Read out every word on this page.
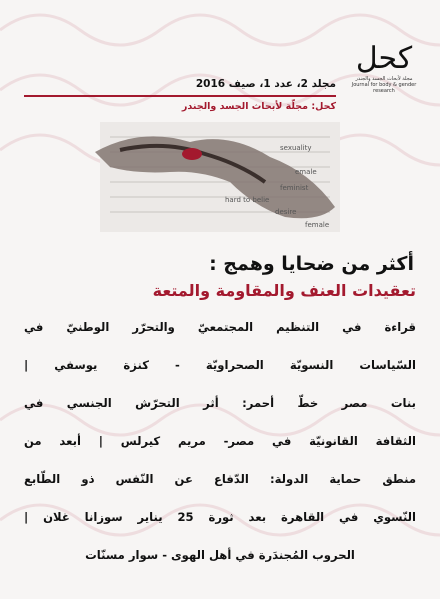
كحل
مجلة لأبحاث الجسد والجندر
Journal for body & gender research
مجلد 2، عدد 1، صيف 2016
كحل: مجلّة لأبحاث الجسد والجندر
sexuality
hard to belie
emale
feminist
desire
female
أكثر من ضحايا وهمج :
تعقيدات العنف والمقاومة والمتعة
قراءة في التنظيم المجتمعيّ والتحرّر الوطنيّ في
السّياسات النسويّة الصحراويّة - كنزة يوسفي |
بنات مصر خطّ أحمر: أثر التحرّش الجنسي في
الثقافة القانونيّة في مصر- مريم كيرلس | أبعد من
منطق حماية الدولة: الدّفاع عن النّفس ذو الطّابع
النّسوي في القاهرة بعد ثورة 25 يناير سوزانا غلان |
الحروب المُجندَرة في أهل الهوى - سوار مسنّات
